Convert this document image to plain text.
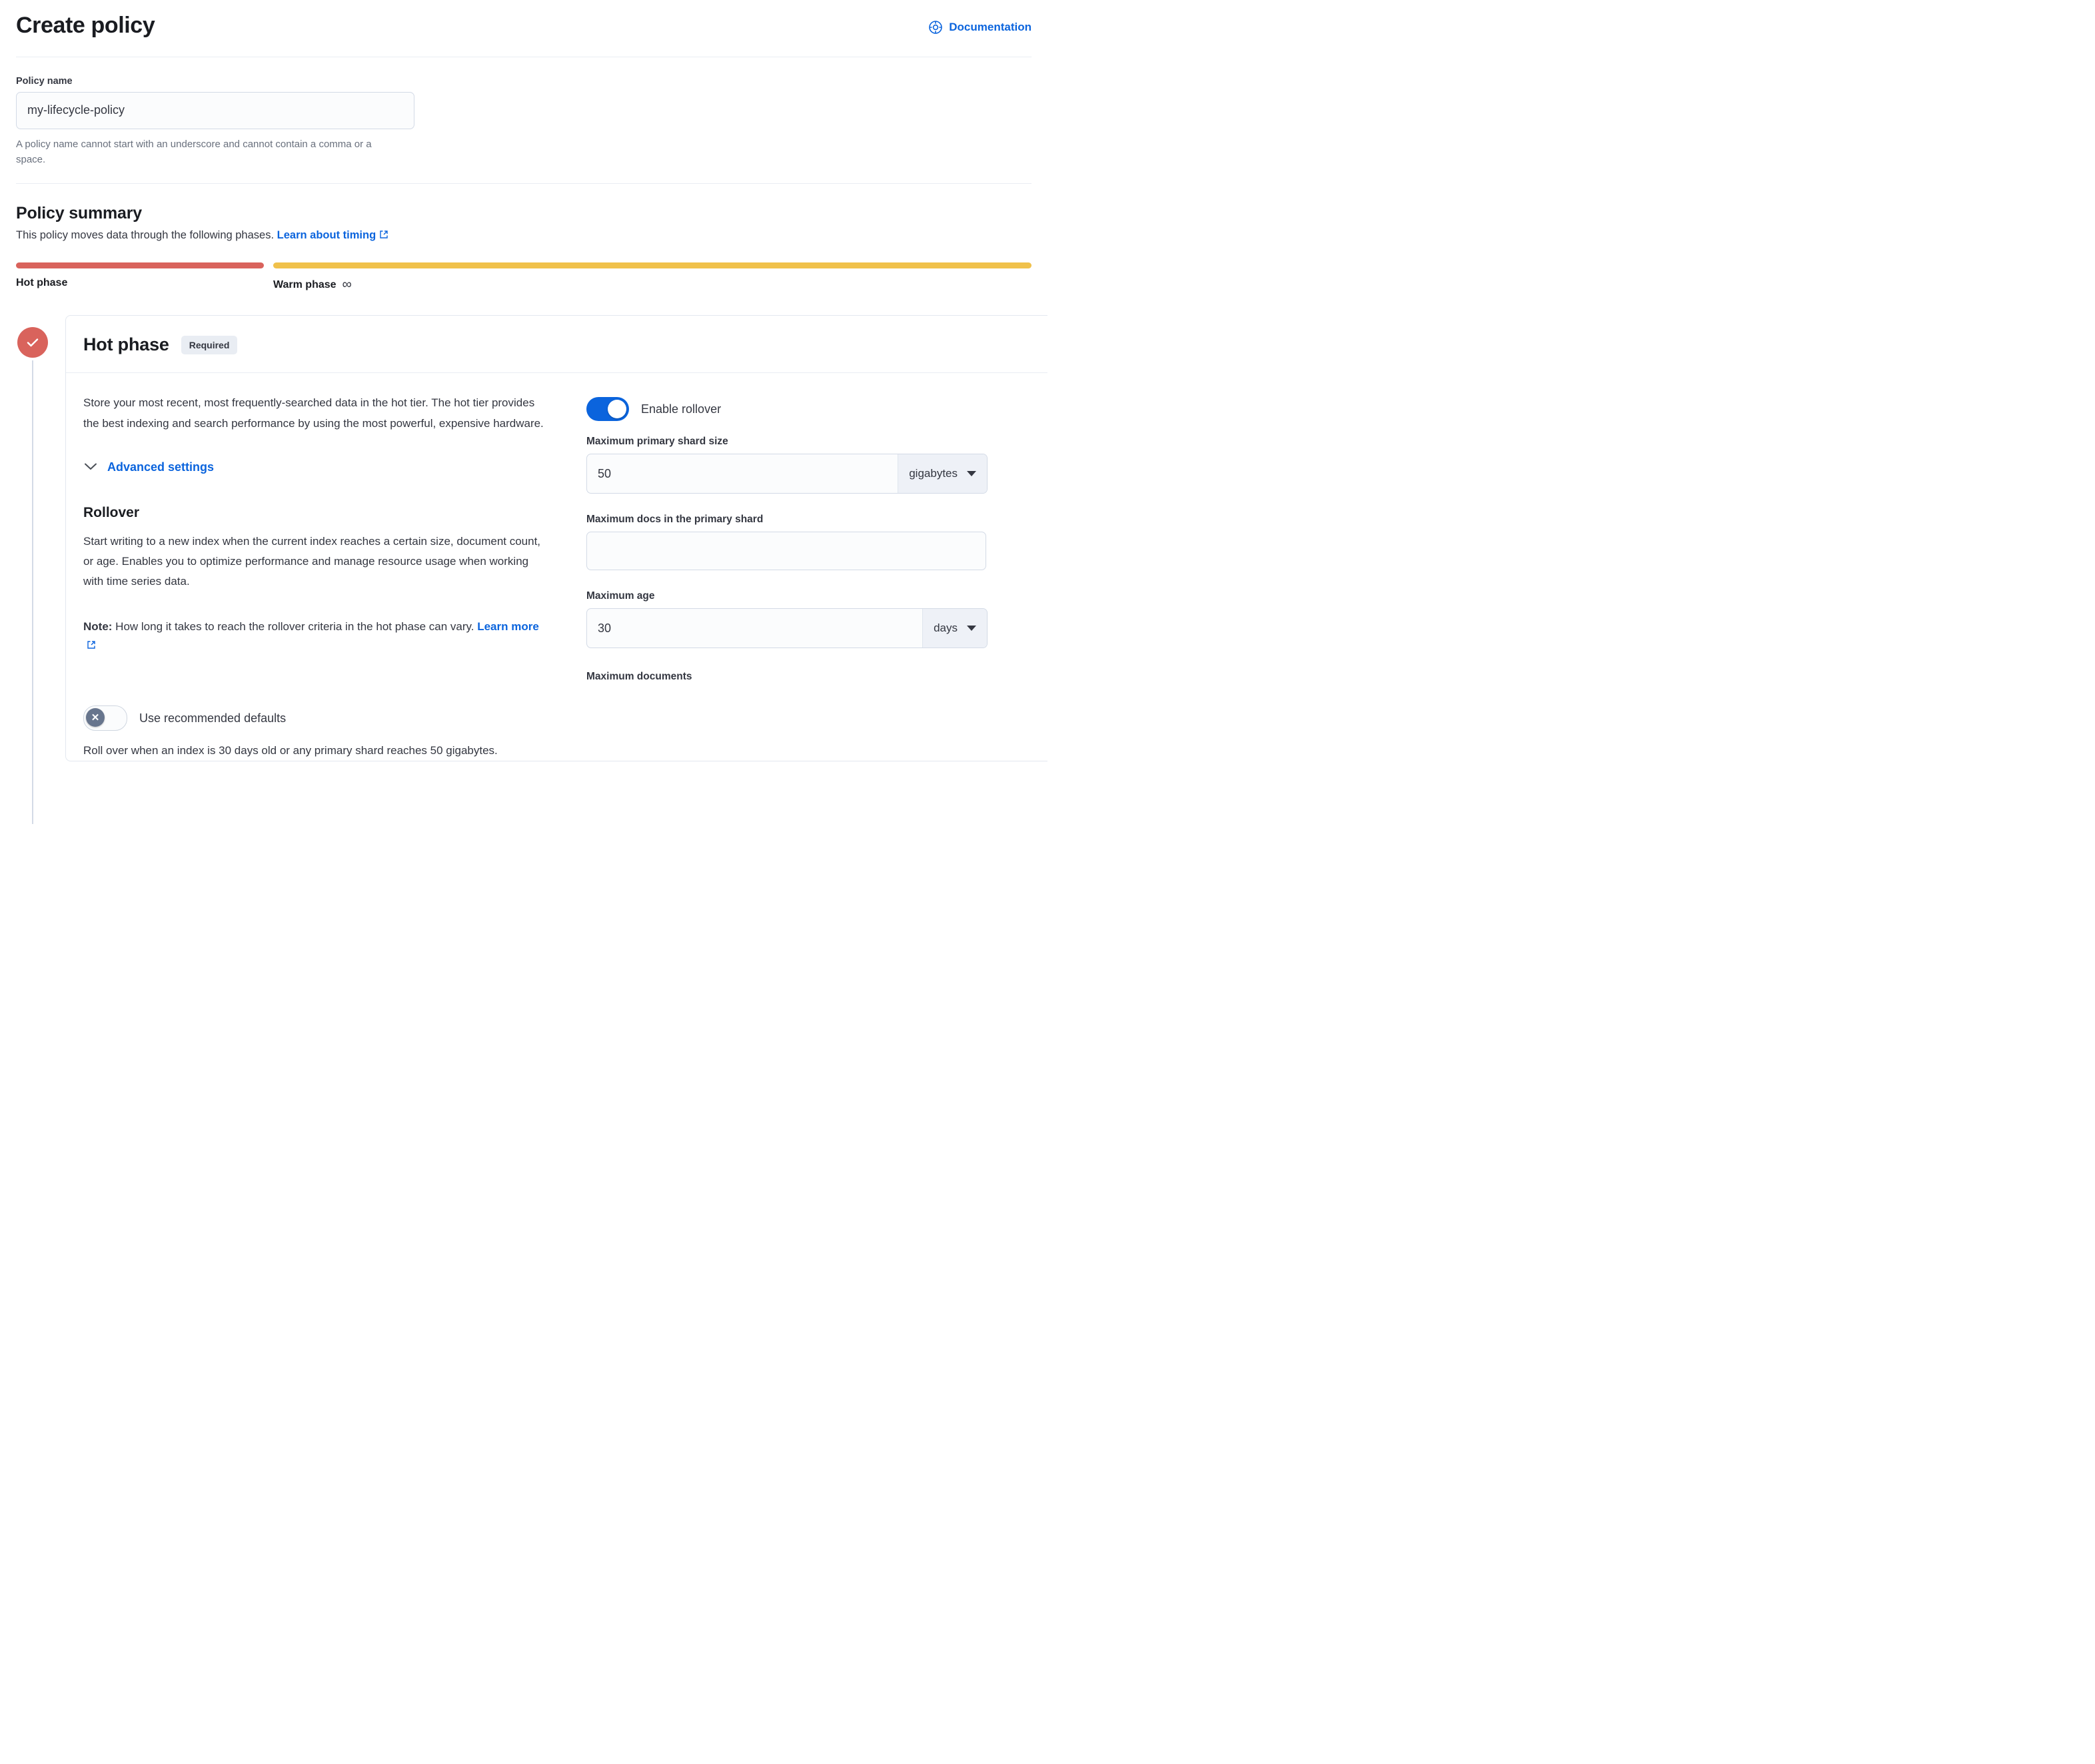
Create policy	Documentation
Policy name
my-lifecycle-policy
A policy name cannot start with an underscore and cannot contain a comma or a space.
Policy summary
This policy moves data through the following phases. Learn about timing
Hot phase	Warm phase ∞
Hot phase	Required
Store your most recent, most frequently-searched data in the hot tier. The hot tier provides the best indexing and search performance by using the most powerful, expensive hardware.
Advanced settings
Rollover
Start writing to a new index when the current index reaches a certain size, document count, or age. Enables you to optimize performance and manage resource usage when working with time series data.
Note: How long it takes to reach the rollover criteria in the hot phase can vary. Learn more
✕	Use recommended defaults
Roll over when an index is 30 days old or any primary shard reaches 50 gigabytes.
Enable rollover
Maximum primary shard size
50
gigabytes
Maximum docs in the primary shard
Maximum age
30
days
Maximum documents
